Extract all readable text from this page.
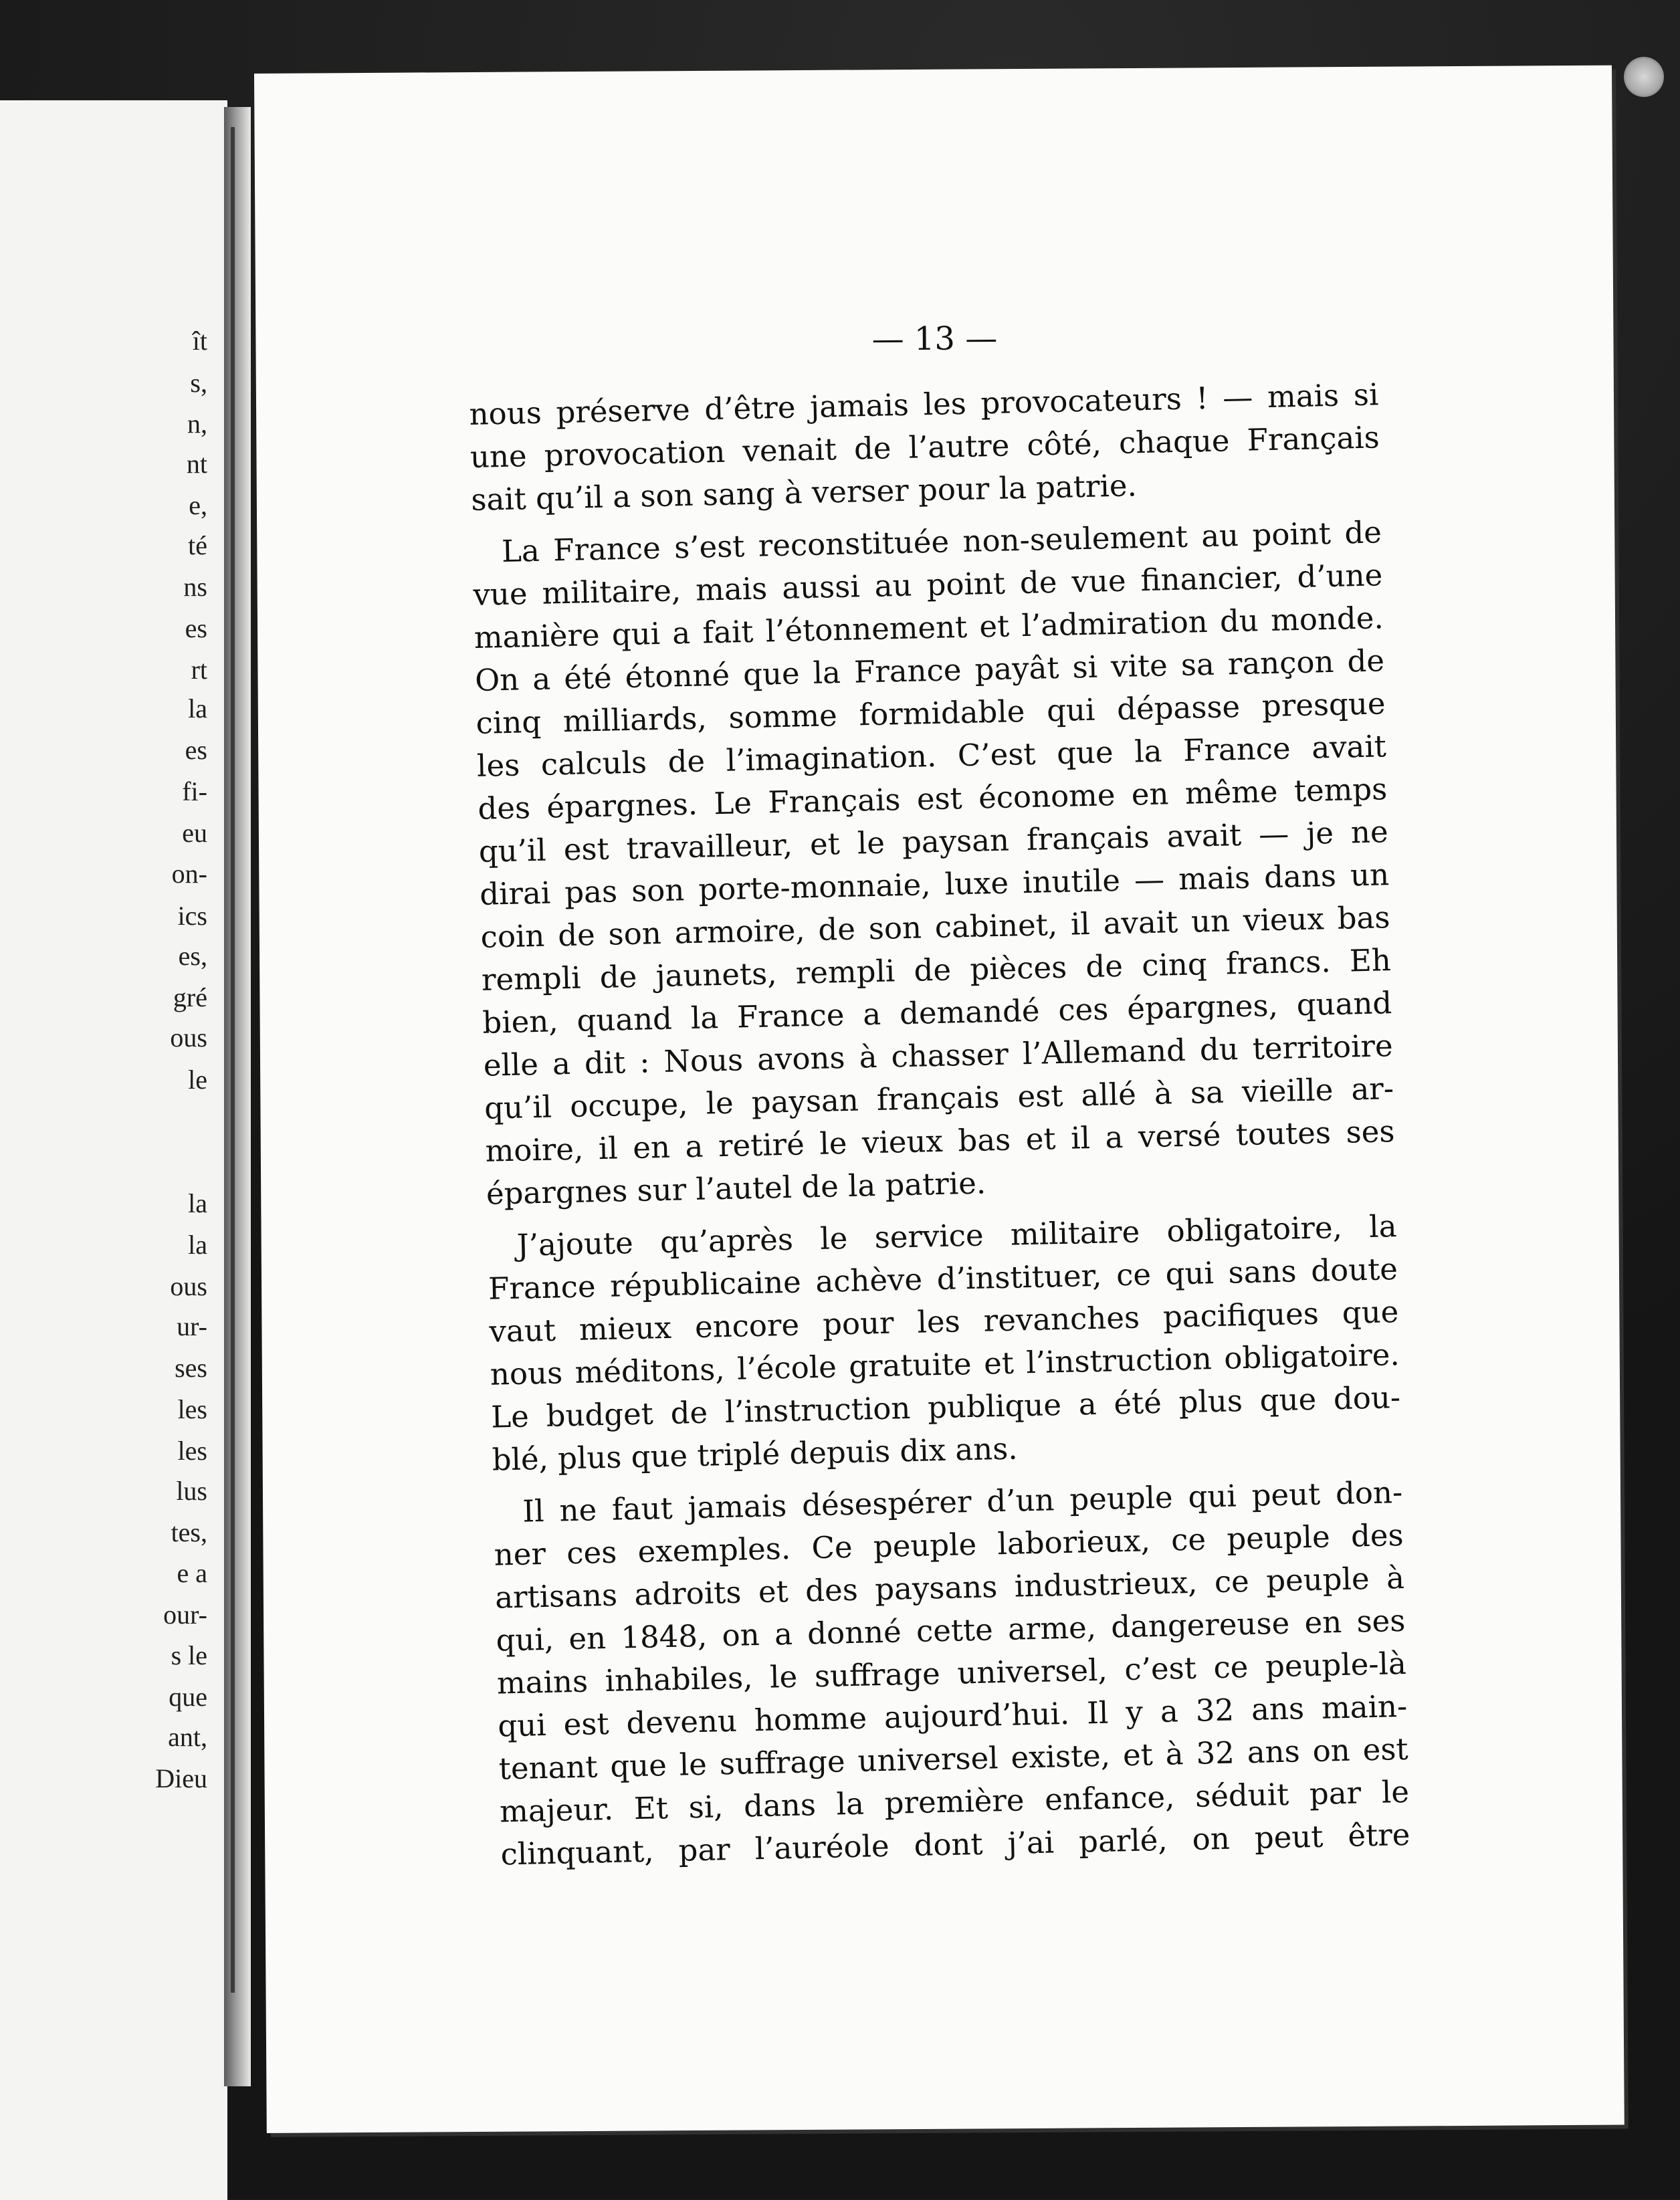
ît
s,
n,
nt
e,
té
ns
es
rt
la
es
fi-
eu
on-
ics
es,
gré
ous
le
la
la
ous
ur-
ses
les
les
lus
tes,
e a
our-
s le
que
ant,
Dieu
— 13 —
nous préserve d’être jamais les provocateurs ! — mais si
une provocation venait de l’autre côté, chaque Français
sait qu’il a son sang à verser pour la patrie.
La France s’est reconstituée non-seulement au point de
vue militaire, mais aussi au point de vue financier, d’une
manière qui a fait l’étonnement et l’admiration du monde.
On a été étonné que la France payât si vite sa rançon de
cinq milliards, somme formidable qui dépasse presque
les calculs de l’imagination. C’est que la France avait
des épargnes. Le Français est économe en même temps
qu’il est travailleur, et le paysan français avait — je ne
dirai pas son porte-monnaie, luxe inutile — mais dans un
coin de son armoire, de son cabinet, il avait un vieux bas
rempli de jaunets, rempli de pièces de cinq francs. Eh
bien, quand la France a demandé ces épargnes, quand
elle a dit : Nous avons à chasser l’Allemand du territoire
qu’il occupe, le paysan français est allé à sa vieille ar-
moire, il en a retiré le vieux bas et il a versé toutes ses
épargnes sur l’autel de la patrie.
J’ajoute qu’après le service militaire obligatoire, la
France républicaine achève d’instituer, ce qui sans doute
vaut mieux encore pour les revanches pacifiques que
nous méditons, l’école gratuite et l’instruction obligatoire.
Le budget de l’instruction publique a été plus que dou-
blé, plus que triplé depuis dix ans.
Il ne faut jamais désespérer d’un peuple qui peut don-
ner ces exemples. Ce peuple laborieux, ce peuple des
artisans adroits et des paysans industrieux, ce peuple à
qui, en 1848, on a donné cette arme, dangereuse en ses
mains inhabiles, le suffrage universel, c’est ce peuple-là
qui est devenu homme aujourd’hui. Il y a 32 ans main-
tenant que le suffrage universel existe, et à 32 ans on est
majeur. Et si, dans la première enfance, séduit par le
clinquant, par l’auréole dont j’ai parlé, on peut être
